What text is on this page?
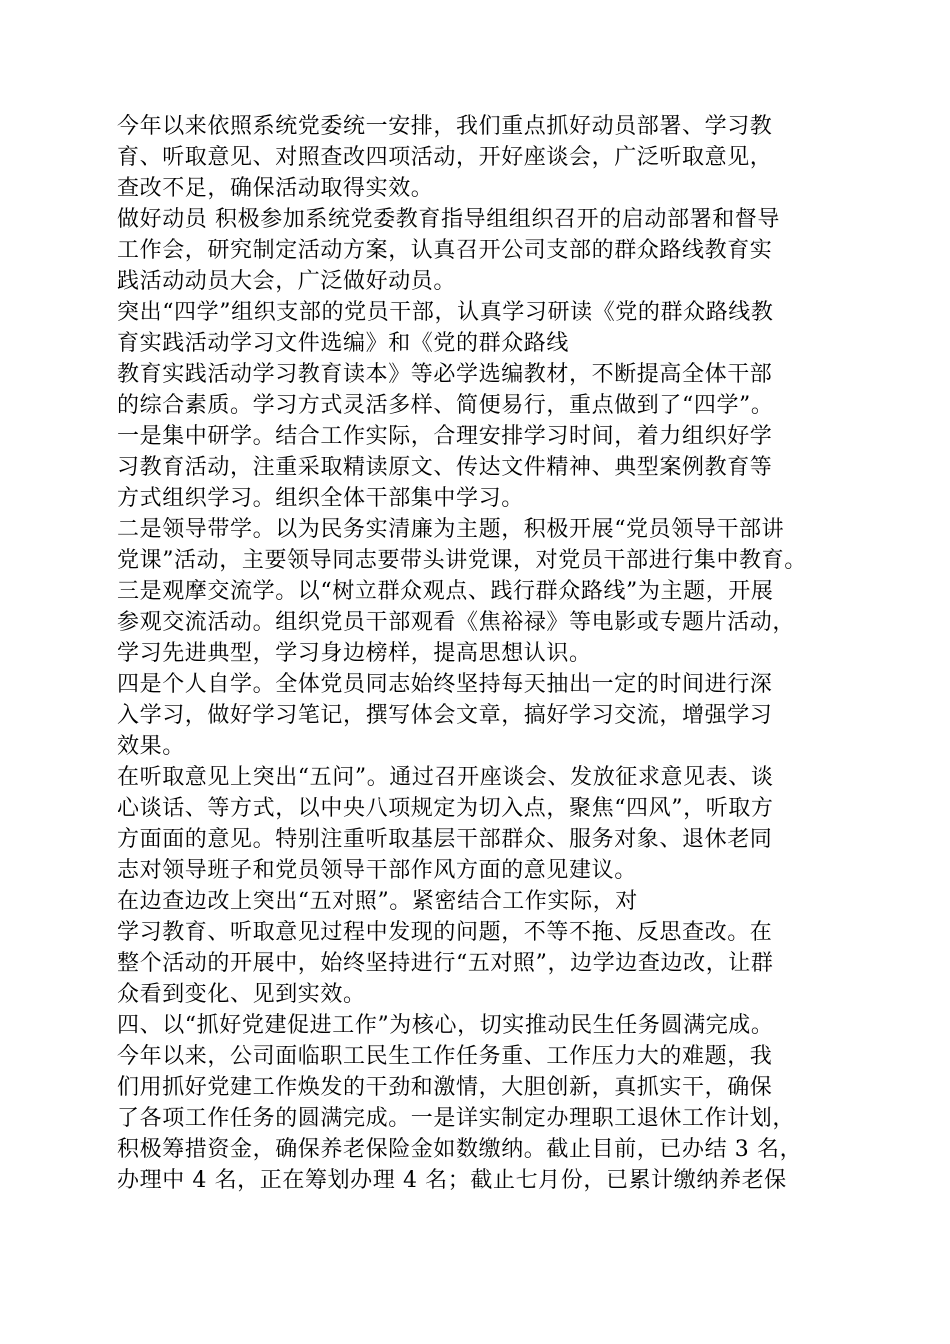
今年以来依照系统党委统一安排，我们重点抓好动员部署、学习教

育、听取意见、对照查改四项活动，开好座谈会，广泛听取意见，

查改不足，确保活动取得实效。

做好动员 积极参加系统党委教育指导组组织召开的启动部署和督导

工作会，研究制定活动方案，认真召开公司支部的群众路线教育实

践活动动员大会，广泛做好动员。

突出“四学”组织支部的党员干部，认真学习研读《党的群众路线教

育实践活动学习文件选编》和《党的群众路线

教育实践活动学习教育读本》等必学选编教材，不断提高全体干部

的综合素质。学习方式灵活多样、简便易行，重点做到了“四学”。

一是集中研学。结合工作实际，合理安排学习时间，着力组织好学

习教育活动，注重采取精读原文、传达文件精神、典型案例教育等

方式组织学习。组织全体干部集中学习。

二是领导带学。以为民务实清廉为主题，积极开展“党员领导干部讲

党课”活动，主要领导同志要带头讲党课，对党员干部进行集中教育。

三是观摩交流学。以“树立群众观点、践行群众路线”为主题，开展

参观交流活动。组织党员干部观看《焦裕禄》等电影或专题片活动，

学习先进典型，学习身边榜样，提高思想认识。

四是个人自学。全体党员同志始终坚持每天抽出一定的时间进行深

入学习，做好学习笔记，撰写体会文章，搞好学习交流，增强学习

效果。

在听取意见上突出“五问”。通过召开座谈会、发放征求意见表、谈

心谈话、等方式，以中央八项规定为切入点，聚焦“四风”，听取方

方面面的意见。特别注重听取基层干部群众、服务对象、退休老同

志对领导班子和党员领导干部作风方面的意见建议。

在边查边改上突出“五对照”。紧密结合工作实际，对

学习教育、听取意见过程中发现的问题，不等不拖、反思查改。在

整个活动的开展中，始终坚持进行“五对照”，边学边查边改，让群

众看到变化、见到实效。

四、以“抓好党建促进工作”为核心，切实推动民生任务圆满完成。

今年以来，公司面临职工民生工作任务重、工作压力大的难题，我

们用抓好党建工作焕发的干劲和激情，大胆创新，真抓实干，确保

了各项工作任务的圆满完成。一是详实制定办理职工退休工作计划，

积极筹措资金，确保养老保险金如数缴纳。截止目前，已办结 3 名，

办理中 4 名，正在筹划办理 4 名；截止七月份，已累计缴纳养老保
